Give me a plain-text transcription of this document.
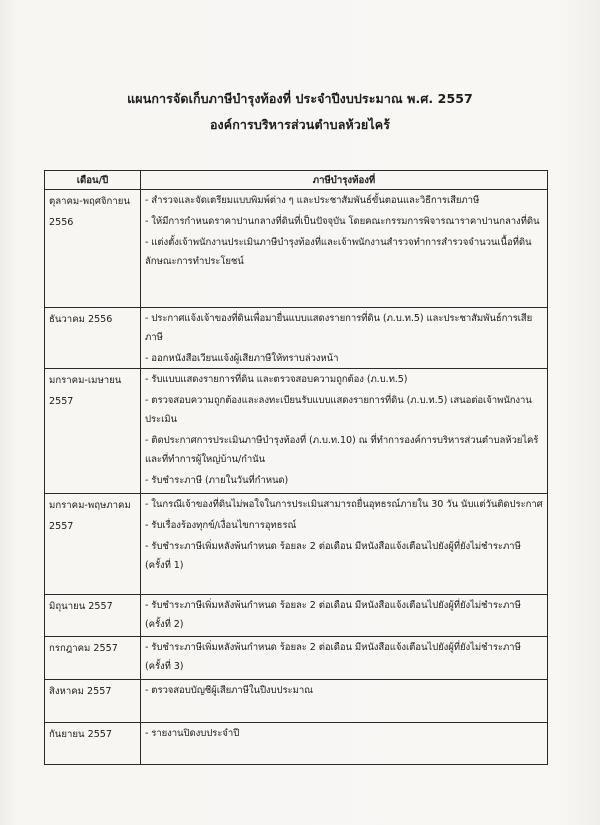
แผนการจัดเก็บภาษีบำรุงท้องที่ ประจำปีงบประมาณ พ.ศ. 2557
องค์การบริหารส่วนตำบลห้วยไคร้
เดือน/ปี	ภาษีบำรุงท้องที่
ตุลาคม-พฤศจิกายน 2556	- สำรวจและจัดเตรียมแบบพิมพ์ต่าง ๆ และประชาสัมพันธ์ขั้นตอนและวิธีการเสียภาษี
- ให้มีการกำหนดราคาปานกลางที่ดินที่เป็นปัจจุบัน โดยคณะกรรมการพิจารณาราคาปานกลางที่ดิน
- แต่งตั้งเจ้าพนักงานประเมินภาษีบำรุงท้องที่และเจ้าพนักงานสำรวจทำการสำรวจจำนวนเนื้อที่ดิน ลักษณะการทำประโยชน์

ธันวาคม 2556	- ประกาศแจ้งเจ้าของที่ดินเพื่อมายื่นแบบแสดงรายการที่ดิน (ภ.บ.ท.5) และประชาสัมพันธ์การเสียภาษี
- ออกหนังสือเวียนแจ้งผู้เสียภาษีให้ทราบล่วงหน้า

มกราคม-เมษายน 2557	- รับแบบแสดงรายการที่ดิน และตรวจสอบความถูกต้อง (ภ.บ.ท.5)
- ตรวจสอบความถูกต้องและลงทะเบียนรับแบบแสดงรายการที่ดิน (ภ.บ.ท.5) เสนอต่อเจ้าพนักงานประเมิน
- ติดประกาศการประเมินภาษีบำรุงท้องที่ (ภ.บ.ท.10) ณ ที่ทำการองค์การบริหารส่วนตำบลห้วยไคร้ และที่ทำการผู้ใหญ่บ้าน/กำนัน
- รับชำระภาษี (ภายในวันที่กำหนด)

มกราคม-พฤษภาคม 2557	- ในกรณีเจ้าของที่ดินไม่พอใจในการประเมินสามารถยื่นอุทธรณ์ภายใน 30 วัน นับแต่วันติดประกาศ
- รับเรื่องร้องทุกข์/เงื่อนไขการอุทธรณ์
- รับชำระภาษีเพิ่มหลังพ้นกำหนด ร้อยละ 2 ต่อเดือน มีหนังสือแจ้งเตือนไปยังผู้ที่ยังไม่ชำระภาษี (ครั้งที่ 1)

มิถุนายน 2557	- รับชำระภาษีเพิ่มหลังพ้นกำหนด ร้อยละ 2 ต่อเดือน มีหนังสือแจ้งเตือนไปยังผู้ที่ยังไม่ชำระภาษี (ครั้งที่ 2)

กรกฎาคม 2557	- รับชำระภาษีเพิ่มหลังพ้นกำหนด ร้อยละ 2 ต่อเดือน มีหนังสือแจ้งเตือนไปยังผู้ที่ยังไม่ชำระภาษี (ครั้งที่ 3)

สิงหาคม 2557	- ตรวจสอบบัญชีผู้เสียภาษีในปีงบประมาณ

กันยายน 2557	- รายงานปิดงบประจำปี
